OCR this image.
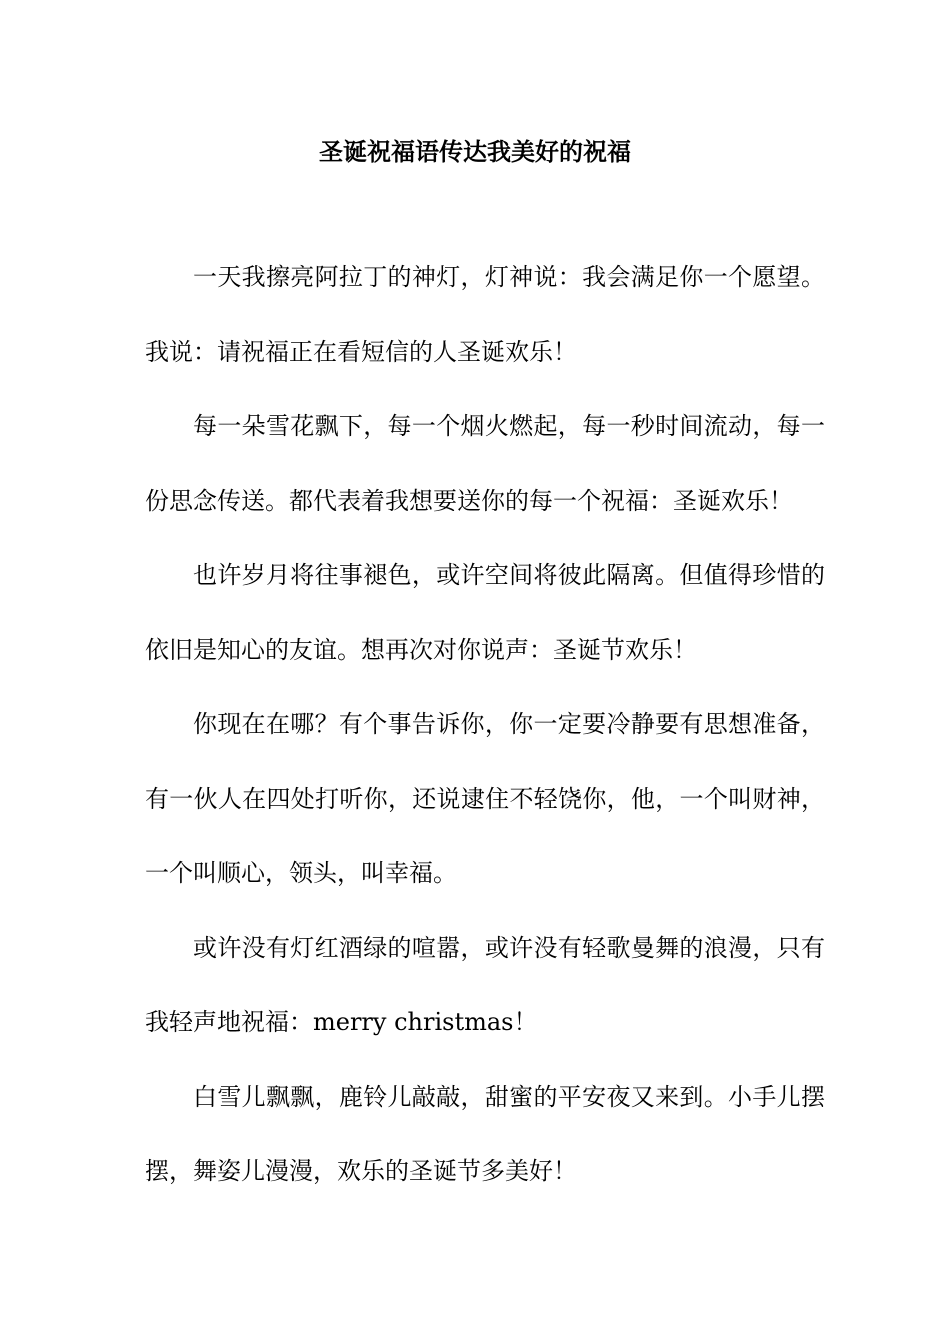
圣诞祝福语传达我美好的祝福

一天我擦亮阿拉丁的神灯，灯神说：我会满足你一个愿望。我说：请祝福正在看短信的人圣诞欢乐！

每一朵雪花飘下，每一个烟火燃起，每一秒时间流动，每一份思念传送。都代表着我想要送你的每一个祝福：圣诞欢乐！

也许岁月将往事褪色，或许空间将彼此隔离。但值得珍惜的依旧是知心的友谊。想再次对你说声：圣诞节欢乐！

你现在在哪？有个事告诉你，你一定要冷静要有思想准备，有一伙人在四处打听你，还说逮住不轻饶你，他，一个叫财神，一个叫顺心，领头，叫幸福。

或许没有灯红酒绿的喧嚣，或许没有轻歌曼舞的浪漫，只有我轻声地祝福：merry christmas！

白雪儿飘飘，鹿铃儿敲敲，甜蜜的平安夜又来到。小手儿摆摆，舞姿儿漫漫，欢乐的圣诞节多美好！
